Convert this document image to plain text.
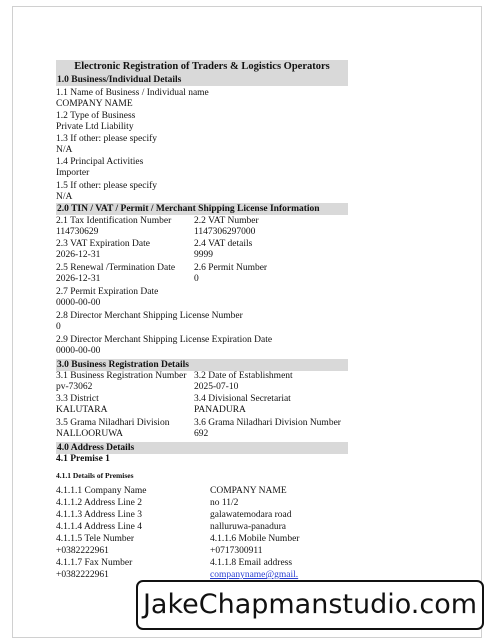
Electronic Registration of Traders & Logistics Operators
1.0 Business/Individual Details
1.1 Name of Business / Individual name
COMPANY NAME
1.2 Type of Business
Private Ltd Liability
1.3 If other: please specify
N/A
1.4 Principal Activities
Importer
1.5 If other: please specify
N/A
2.0 TIN / VAT / Permit / Merchant Shipping License Information
2.1 Tax Identification Number 2.2 VAT Number
114730629	1147306297000
2.3 VAT Expiration Date	2.4 VAT details
2026-12-31	9999
2.5 Renewal /Termination Date 2.6 Permit Number
2026-12-31	0
2.7 Permit Expiration Date
0000-00-00
2.8 Director Merchant Shipping License Number
0
2.9 Director Merchant Shipping License Expiration Date
0000-00-00
3.0 Business Registration Details
3.1 Business Registration Number 3.2 Date of Establishment
pv-73062	2025-07-10
3.3 District	3.4 Divisional Secretariat
KALUTARA	PANADURA
3.5 Grama Niladhari Division	3.6 Grama Niladhari Division Number
NALLOORUWA	692
4.0 Address Details
4.1 Premise 1
4.1.1 Details of Premises
4.1.1.1 Company Name	COMPANY NAME
4.1.1.2 Address Line 2	no 11/2
4.1.1.3 Address Line 3	galawatemodara road
4.1.1.4 Address Line 4	nalluruwa-panadura
4.1.1.5 Tele Number	4.1.1.6 Mobile Number
+0382222961	+0717300911
4.1.1.7 Fax Number	4.1.1.8 Email address
+0382222961	companyname@gmail.
JakeChapmanstudio.com
